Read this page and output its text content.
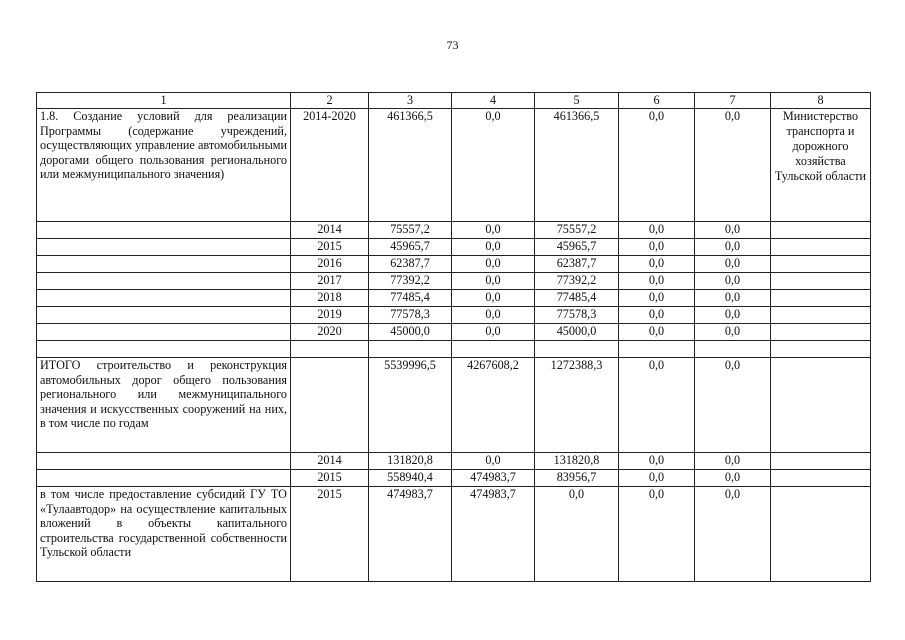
73
1	2	3	4	5	6	7	8
1.8. Создание условий для реализации Программы (содержание учреждений, осуществляющих управление автомобильными дорогами общего пользования регионального или межмуниципального значения)	2014-2020	461366,5	0,0	461366,5	0,0	0,0	Министерство транспорта и дорожного хозяйства Тульской области
	2014	75557,2	0,0	75557,2	0,0	0,0	
	2015	45965,7	0,0	45965,7	0,0	0,0	
	2016	62387,7	0,0	62387,7	0,0	0,0	
	2017	77392,2	0,0	77392,2	0,0	0,0	
	2018	77485,4	0,0	77485,4	0,0	0,0	
	2019	77578,3	0,0	77578,3	0,0	0,0	
	2020	45000,0	0,0	45000,0	0,0	0,0	

ИТОГО строительство и реконструкция автомобильных дорог общего пользования регионального или межмуниципального значения и искусственных сооружений на них, в том числе по годам		5539996,5	4267608,2	1272388,3	0,0	0,0	
	2014	131820,8	0,0	131820,8	0,0	0,0	
	2015	558940,4	474983,7	83956,7	0,0	0,0	
в том числе предоставление субсидий ГУ ТО «Тулаавтодор» на осуществление капитальных вложений в объекты капитального строительства государственной собственности Тульской области	2015	474983,7	474983,7	0,0	0,0	0,0	
